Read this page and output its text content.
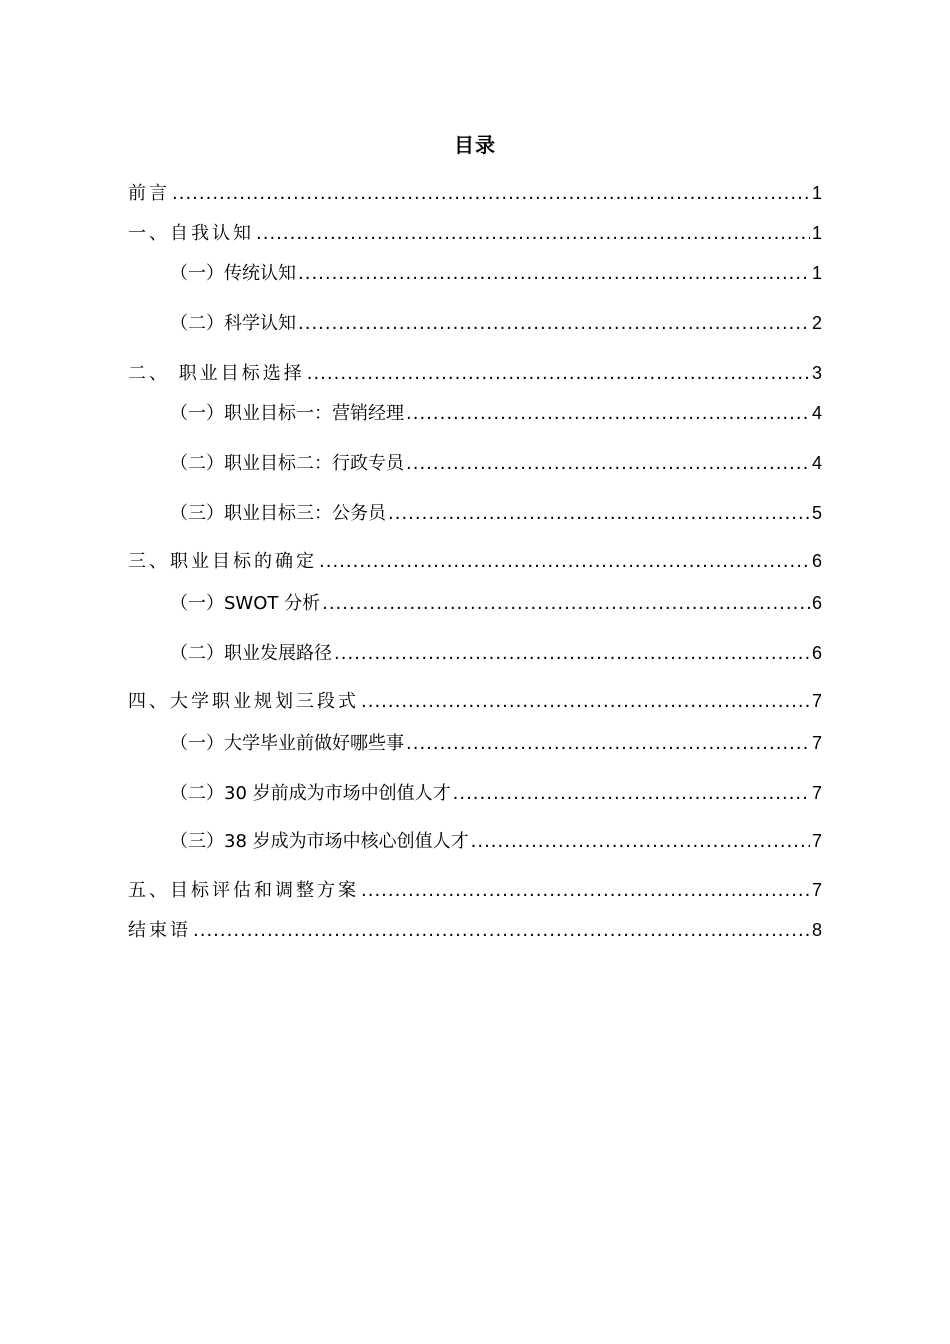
目录
前言 .....	1
一、自我认知 .....	1
（一）传统认知 .....	1
（二）科学认知 .....	2
二、 职业目标选择 .....	3
（一）职业目标一：营销经理 .....	4
（二）职业目标二：行政专员 .....	4
（三）职业目标三：公务员 .....	5
三、职业目标的确定 .....	6
（一）SWOT 分析 .....	6
（二）职业发展路径 .....	6
四、大学职业规划三段式 .....	7
（一）大学毕业前做好哪些事 .....	7
（二）30 岁前成为市场中创值人才 .....	7
（三）38 岁成为市场中核心创值人才 .....	7
五、目标评估和调整方案 .....	7
结束语 .....	8
